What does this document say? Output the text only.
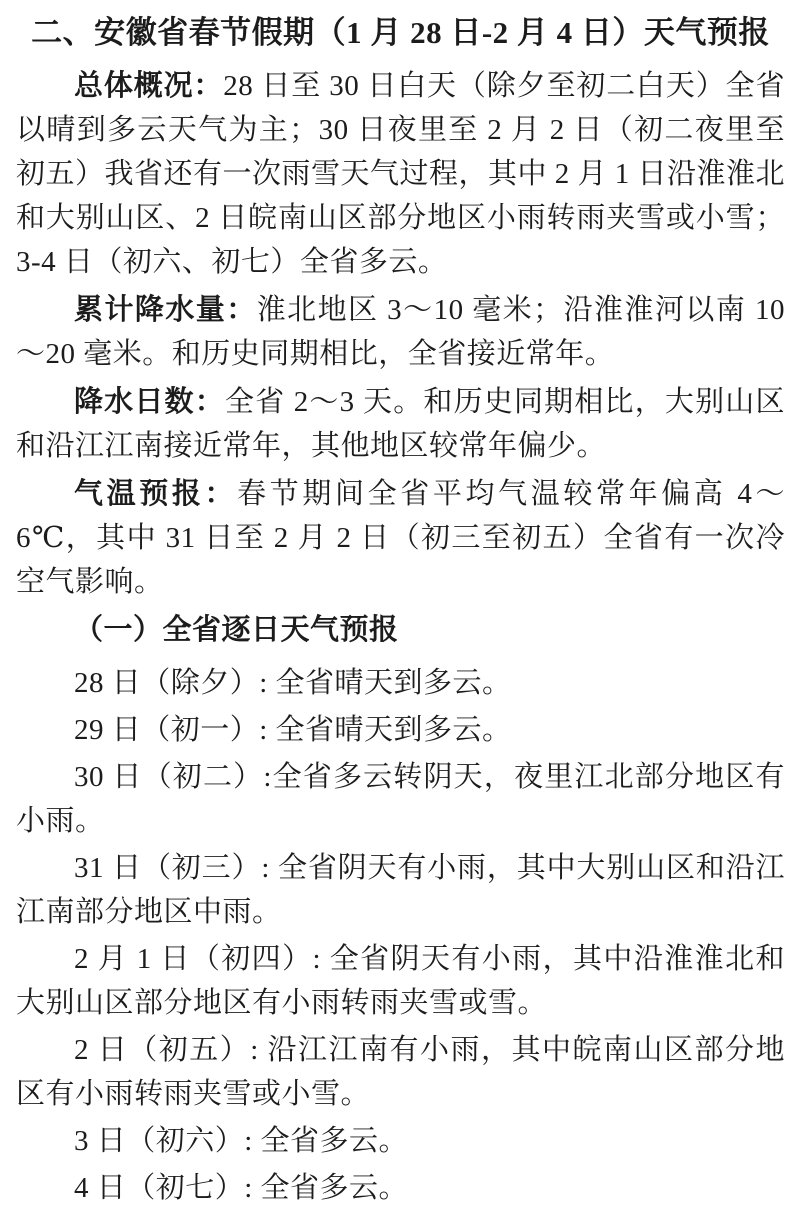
二、安徽省春节假期（1 月 28 日-2 月 4 日）天气预报

总体概况：28 日至 30 日白天（除夕至初二白天）全省以晴到多云天气为主；30 日夜里至 2 月 2 日（初二夜里至初五）我省还有一次雨雪天气过程，其中 2 月 1 日沿淮淮北和大别山区、2 日皖南山区部分地区小雨转雨夹雪或小雪；3-4 日（初六、初七）全省多云。

累计降水量：淮北地区 3～10 毫米；沿淮淮河以南 10～20 毫米。和历史同期相比，全省接近常年。

降水日数：全省 2～3 天。和历史同期相比，大别山区和沿江江南接近常年，其他地区较常年偏少。

气温预报：春节期间全省平均气温较常年偏高 4～6℃，其中 31 日至 2 月 2 日（初三至初五）全省有一次冷空气影响。

（一）全省逐日天气预报

28 日（除夕）: 全省晴天到多云。

29 日（初一）: 全省晴天到多云。

30 日（初二）:全省多云转阴天，夜里江北部分地区有小雨。

31 日（初三）: 全省阴天有小雨，其中大别山区和沿江江南部分地区中雨。

2 月 1 日（初四）: 全省阴天有小雨，其中沿淮淮北和大别山区部分地区有小雨转雨夹雪或雪。

2 日（初五）: 沿江江南有小雨，其中皖南山区部分地区有小雨转雨夹雪或小雪。

3 日（初六）: 全省多云。

4 日（初七）: 全省多云。
